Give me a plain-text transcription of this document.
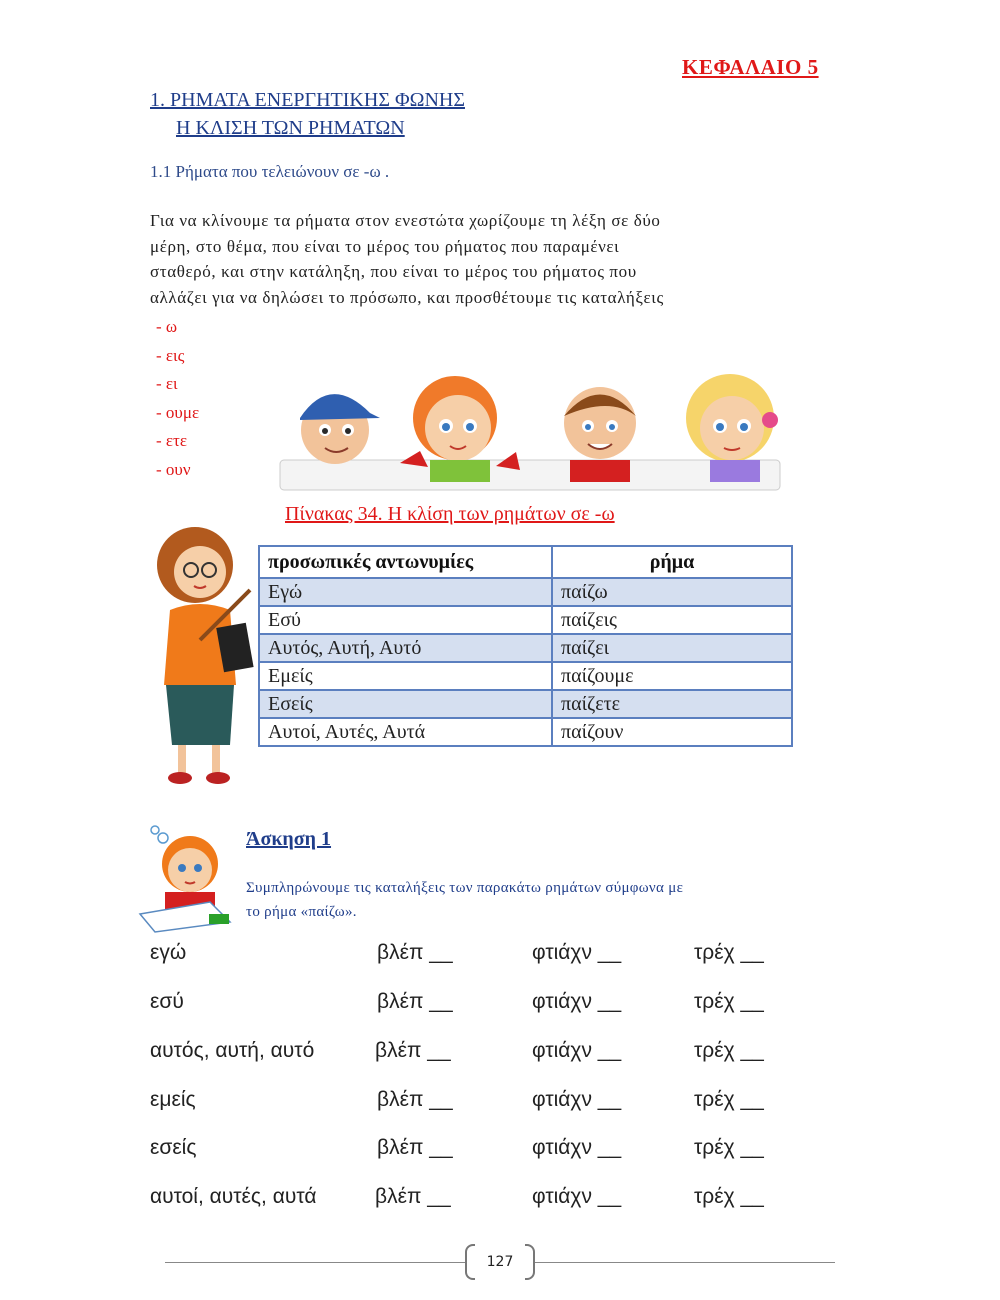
ΚΕΦΑΛΑΙΟ 5
1. ΡΗΜΑΤΑ ΕΝΕΡΓΗΤΙΚΗΣ ΦΩΝΗΣ
Η ΚΛΙΣΗ ΤΩΝ ΡΗΜΑΤΩΝ
1.1 Ρήματα που τελειώνουν σε -ω .
Για να κλίνουμε τα ρήματα στον ενεστώτα χωρίζουμε τη λέξη σε δύο
μέρη, στο θέμα, που είναι το μέρος του ρήματος που παραμένει
σταθερό, και στην κατάληξη, που είναι το μέρος του ρήματος που
αλλάζει για να δηλώσει το πρόσωπο, και προσθέτουμε τις καταλήξεις
- ω
- εις
- ει
- ουμε
- ετε
- ουν
Πίνακας 34. Η κλίση των ρημάτων σε -ω
προσωπικές αντωνυμίες	ρήμα
Εγώ	παίζω
Εσύ	παίζεις
Αυτός, Αυτή, Αυτό	παίζει
Εμείς	παίζουμε
Εσείς	παίζετε
Αυτοί, Αυτές, Αυτά	παίζουν
Άσκηση 1
Συμπληρώνουμε τις καταλήξεις των παρακάτω ρημάτων σύμφωνα με
το ρήμα «παίζω».
εγώ	βλέπ __	φτιάχν __	τρέχ __
εσύ	βλέπ __	φτιάχν __	τρέχ __
αυτός, αυτή, αυτό	βλέπ __	φτιάχν __	τρέχ __
εμείς	βλέπ __	φτιάχν __	τρέχ __
εσείς	βλέπ __	φτιάχν __	τρέχ __
αυτοί, αυτές, αυτά	βλέπ __	φτιάχν __	τρέχ __
127
